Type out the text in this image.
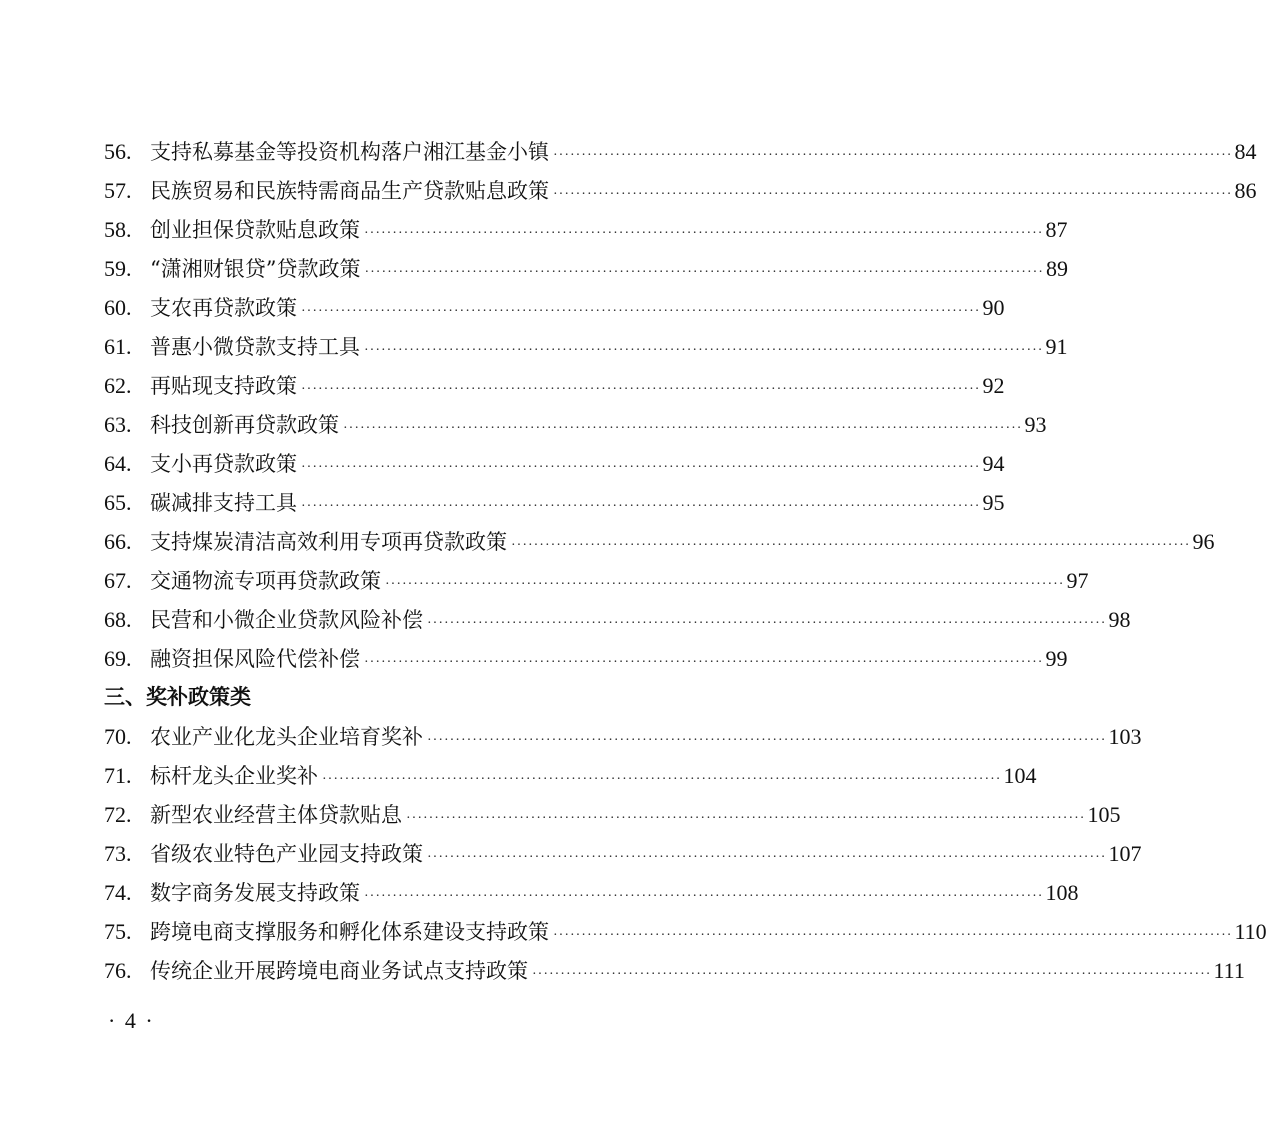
56. 支持私募基金等投资机构落户湘江基金小镇 ························································································································ 84
57. 民族贸易和民族特需商品生产贷款贴息政策 ························································································································ 86
58. 创业担保贷款贴息政策 ························································································································ 87
59. “潇湘财银贷”贷款政策 ························································································································ 89
60. 支农再贷款政策 ························································································································ 90
61. 普惠小微贷款支持工具 ························································································································ 91
62. 再贴现支持政策 ························································································································ 92
63. 科技创新再贷款政策 ························································································································ 93
64. 支小再贷款政策 ························································································································ 94
65. 碳减排支持工具 ························································································································ 95
66. 支持煤炭清洁高效利用专项再贷款政策 ························································································································ 96
67. 交通物流专项再贷款政策 ························································································································ 97
68. 民营和小微企业贷款风险补偿 ························································································································ 98
69. 融资担保风险代偿补偿 ························································································································ 99
三、奖补政策类
70. 农业产业化龙头企业培育奖补 ························································································································ 103
71. 标杆龙头企业奖补 ························································································································ 104
72. 新型农业经营主体贷款贴息 ························································································································ 105
73. 省级农业特色产业园支持政策 ························································································································ 107
74. 数字商务发展支持政策 ························································································································ 108
75. 跨境电商支撑服务和孵化体系建设支持政策 ························································································································ 110
76. 传统企业开展跨境电商业务试点支持政策 ························································································································ 111
· 4 ·
